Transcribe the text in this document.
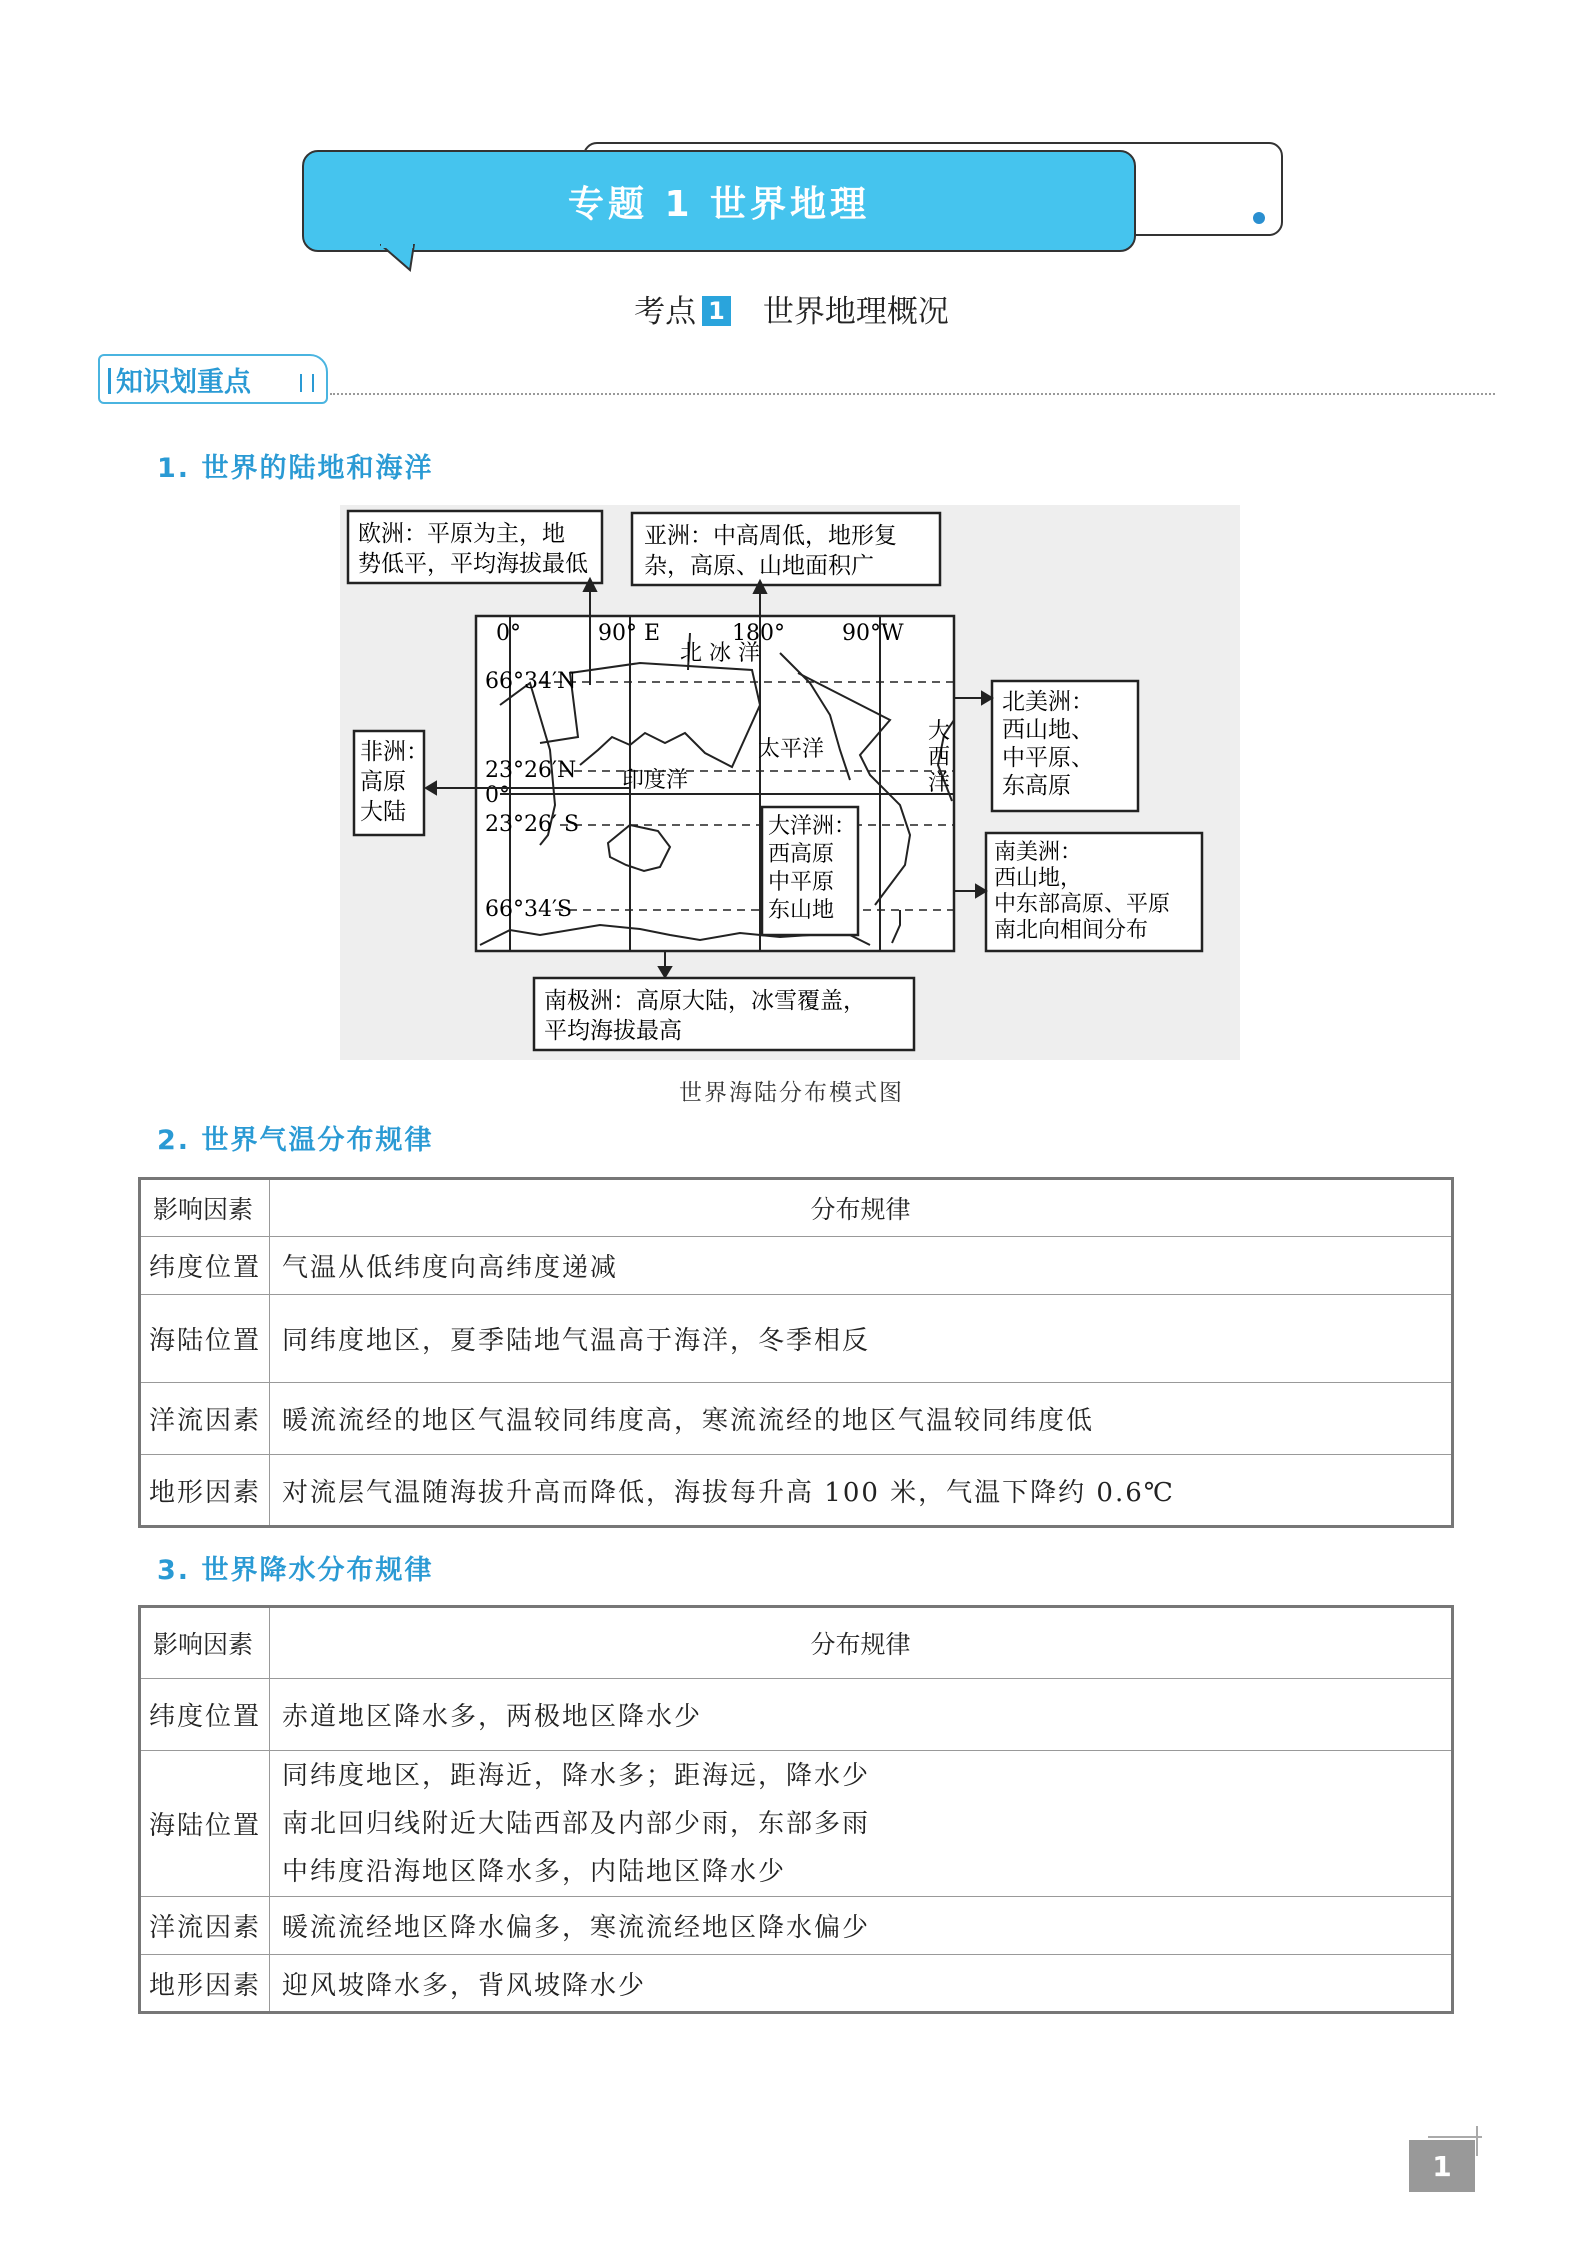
专题 1 世界地理
考点 1 世界地理概况
知识划重点
1. 世界的陆地和海洋
0°	90° E	180°	90°W
66°34′N
23°26′N
0°
23°26′ S
66°34′S
北 冰 洋
太平洋
印度洋
大
西
洋
欧洲：平原为主，地
势低平，平均海拔最低
亚洲：中高周低，地形复
杂，高原、山地面积广
非洲：
高原
大陆
北美洲：
西山地、
中平原、
东高原
南美洲：
西山地，
中东部高原、平原
南北向相间分布
大洋洲：
西高原
中平原
东山地
南极洲：高原大陆，冰雪覆盖，
平均海拔最高
世界海陆分布模式图
2. 世界气温分布规律
影响因素	分布规律
纬度位置	气温从低纬度向高纬度递减
海陆位置	同纬度地区，夏季陆地气温高于海洋，冬季相反
洋流因素	暖流流经的地区气温较同纬度高，寒流流经的地区气温较同纬度低
地形因素	对流层气温随海拔升高而降低，海拔每升高 100 米，气温下降约 0.6℃
3. 世界降水分布规律
影响因素	分布规律
纬度位置	赤道地区降水多，两极地区降水少
海陆位置	同纬度地区，距海近，降水多；距海远，降水少
南北回归线附近大陆西部及内部少雨，东部多雨
中纬度沿海地区降水多，内陆地区降水少

洋流因素	暖流流经地区降水偏多，寒流流经地区降水偏少
地形因素	迎风坡降水多，背风坡降水少
1
